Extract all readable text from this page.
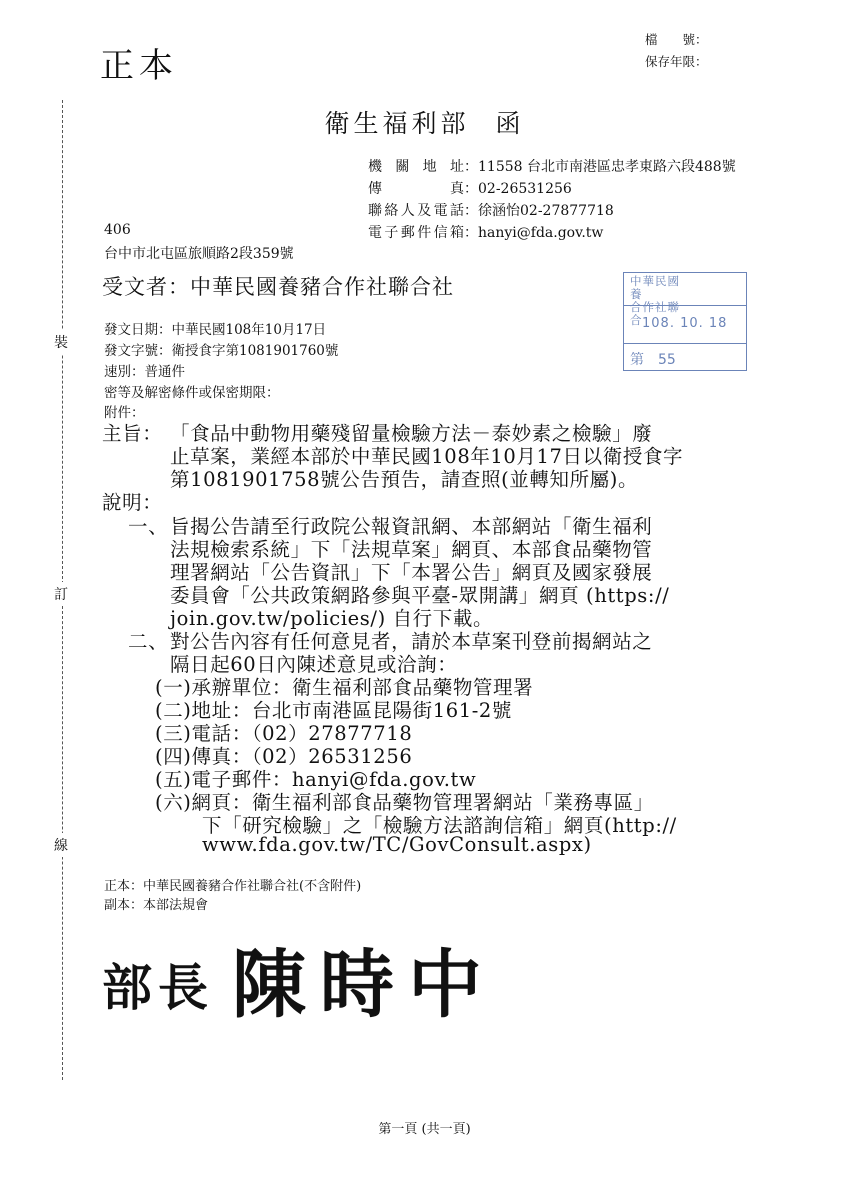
正本
檔　　號：
保存年限：
裝
訂
線
衛生福利部 函
機關地址：11558 台北市南港區忠孝東路六段488號
傳　　真：02-26531256
聯絡人及電話：徐涵怡02-27877718
電子郵件信箱：hanyi@fda.gov.tw
406
台中市北屯區旅順路2段359號
受文者：中華民國養豬合作社聯合社	中華民國養
合作社聯合 108. 10. 18
第　55
發文日期：中華民國108年10月17日
發文字號：衛授食字第1081901760號
速別：普通件
密等及解密條件或保密期限：
附件：
主旨： 「食品中動物用藥殘留量檢驗方法－泰妙素之檢驗」廢
止草案，業經本部於中華民國108年10月17日以衛授食字
第1081901758號公告預告，請查照(並轉知所屬)。
說明：
一、 旨揭公告請至行政院公報資訊網、本部網站「衛生福利
法規檢索系統」下「法規草案」網頁、本部食品藥物管
理署網站「公告資訊」下「本署公告」網頁及國家發展
委員會「公共政策網路參與平臺-眾開講」網頁 (https://
join.gov.tw/policies/) 自行下載。
二、 對公告內容有任何意見者，請於本草案刊登前揭網站之
隔日起60日內陳述意見或洽詢：
(一)承辦單位：衛生福利部食品藥物管理署
(二)地址：台北市南港區昆陽街161-2號
(三)電話：（02）27877718
(四)傳真：（02）26531256
(五)電子郵件：hanyi@fda.gov.tw
(六)網頁：衛生福利部食品藥物管理署網站「業務專區」
下「研究檢驗」之「檢驗方法諮詢信箱」網頁(http://
www.fda.gov.tw/TC/GovConsult.aspx)
正本：中華民國養豬合作社聯合社(不含附件)
副本：本部法規會
部長 陳時中
第一頁 (共一頁)
